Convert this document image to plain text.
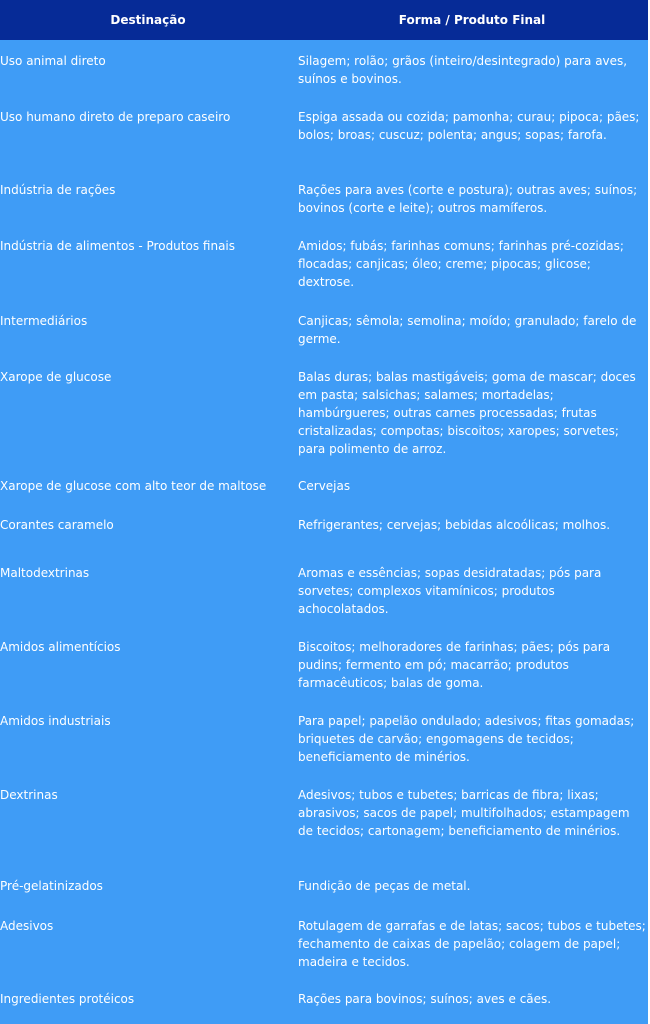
Destinação	Forma / Produto Final
Uso animal direto	Silagem; rolão; grãos (inteiro/desintegrado) para aves, suínos e bovinos.
Uso humano direto de preparo caseiro	Espiga assada ou cozida; pamonha; curau; pipoca; pães; bolos; broas; cuscuz; polenta; angus; sopas; farofa.
Indústria de rações	Rações para aves (corte e postura); outras aves; suínos; bovinos (corte e leite); outros mamíferos.
Indústria de alimentos - Produtos finais	Amidos; fubás; farinhas comuns; farinhas pré-cozidas; flocadas; canjicas; óleo; creme; pipocas; glicose; dextrose.
Intermediários	Canjicas; sêmola; semolina; moído; granulado; farelo de germe.
Xarope de glucose	Balas duras; balas mastigáveis; goma de mascar; doces em pasta; salsichas; salames; mortadelas; hambúrgueres; outras carnes processadas; frutas cristalizadas; compotas; biscoitos; xaropes; sorvetes; para polimento de arroz.
Xarope de glucose com alto teor de maltose	Cervejas
Corantes caramelo	Refrigerantes; cervejas; bebidas alcoólicas; molhos.
Maltodextrinas	Aromas e essências; sopas desidratadas; pós para sorvetes; complexos vitamínicos; produtos achocolatados.
Amidos alimentícios	Biscoitos; melhoradores de farinhas; pães; pós para pudins; fermento em pó; macarrão; produtos farmacêuticos; balas de goma.
Amidos industriais	Para papel; papelão ondulado; adesivos; fitas gomadas; briquetes de carvão; engomagens de tecidos; beneficiamento de minérios.
Dextrinas	Adesivos; tubos e tubetes; barricas de fibra; lixas; abrasivos; sacos de papel; multifolhados; estampagem de tecidos; cartonagem; beneficiamento de minérios.
Pré-gelatinizados	Fundição de peças de metal.
Adesivos	Rotulagem de garrafas e de latas; sacos; tubos e tubetes; fechamento de caixas de papelão; colagem de papel; madeira e tecidos.
Ingredientes protéicos	Rações para bovinos; suínos; aves e cães.
